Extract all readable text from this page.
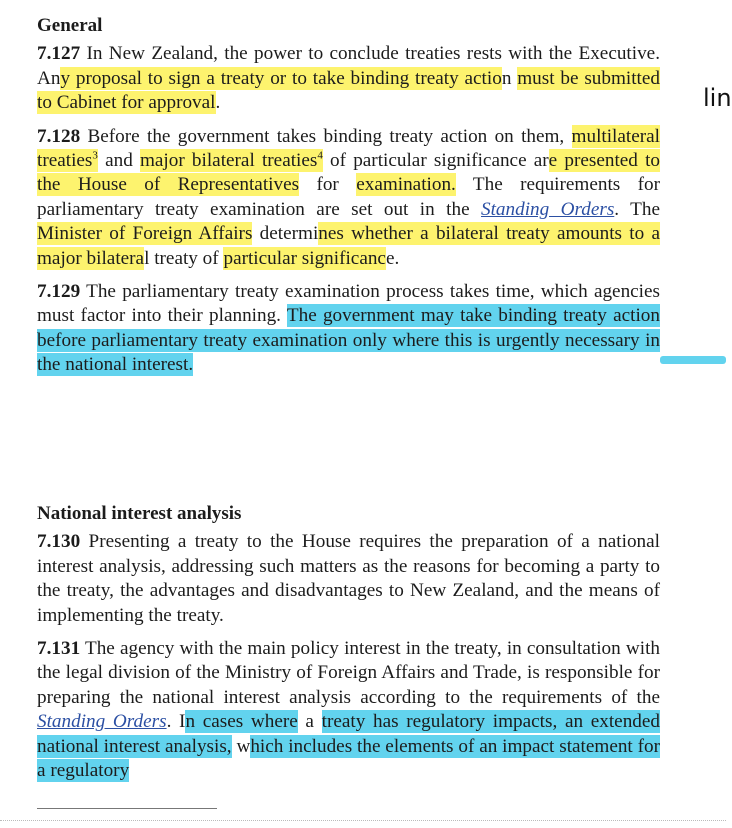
General

7.127 In New Zealand, the power to conclude treaties rests with the Executive. Any proposal to sign a treaty or to take binding treaty action must be submitted to Cabinet for approval.

7.128 Before the government takes binding treaty action on them, multilateral treaties$^3$ and major bilateral treaties$^4$ of particular significance are presented to the House of Representatives for examination. The requirements for parliamentary treaty examination are set out in the Standing Orders. The Minister of Foreign Affairs determines whether a bilateral treaty amounts to a major bilateral treaty of particular significance.

7.129 The parliamentary treaty examination process takes time, which agencies must factor into their planning. The government may take binding treaty action before parliamentary treaty examination only where this is urgently necessary in the national interest.

National interest analysis

7.130 Presenting a treaty to the House requires the preparation of a national interest analysis, addressing such matters as the reasons for becoming a party to the treaty, the advantages and disadvantages to New Zealand, and the means of implementing the treaty.

7.131 The agency with the main policy interest in the treaty, in consultation with the legal division of the Ministry of Foreign Affairs and Trade, is responsible for preparing the national interest analysis according to the requirements of the Standing Orders. In cases where a treaty has regulatory impacts, an extended national interest analysis, which includes the elements of an impact statement for a regulatory

lin
